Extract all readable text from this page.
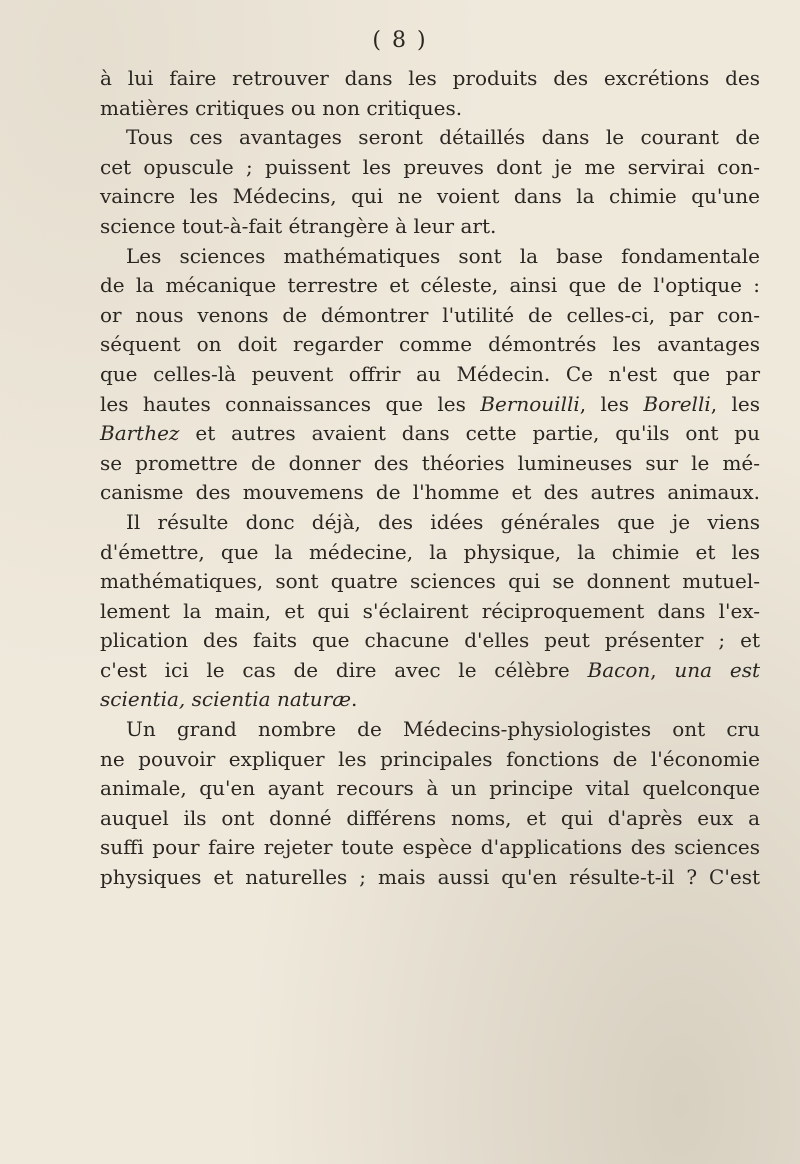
( 8 )
à lui faire retrouver dans les produits des excrétions des
matières critiques ou non critiques.
Tous ces avantages seront détaillés dans le courant de
cet opuscule ; puissent les preuves dont je me servirai con-
vaincre les Médecins, qui ne voient dans la chimie qu'une
science tout-à-fait étrangère à leur art.
Les sciences mathématiques sont la base fondamentale
de la mécanique terrestre et céleste, ainsi que de l'optique :
or nous venons de démontrer l'utilité de celles-ci, par con-
séquent on doit regarder comme démontrés les avantages
que celles-là peuvent offrir au Médecin. Ce n'est que par
les hautes connaissances que les Bernouilli, les Borelli, les
Barthez et autres avaient dans cette partie, qu'ils ont pu
se promettre de donner des théories lumineuses sur le mé-
canisme des mouvemens de l'homme et des autres animaux.
Il résulte donc déjà, des idées générales que je viens
d'émettre, que la médecine, la physique, la chimie et les
mathématiques, sont quatre sciences qui se donnent mutuel-
lement la main, et qui s'éclairent réciproquement dans l'ex-
plication des faits que chacune d'elles peut présenter ; et
c'est ici le cas de dire avec le célèbre Bacon, una est
scientia, scientia naturæ.
Un grand nombre de Médecins-physiologistes ont cru
ne pouvoir expliquer les principales fonctions de l'économie
animale, qu'en ayant recours à un principe vital quelconque
auquel ils ont donné différens noms, et qui d'après eux a
suffi pour faire rejeter toute espèce d'applications des sciences
physiques et naturelles ; mais aussi qu'en résulte-t-il ? C'est
